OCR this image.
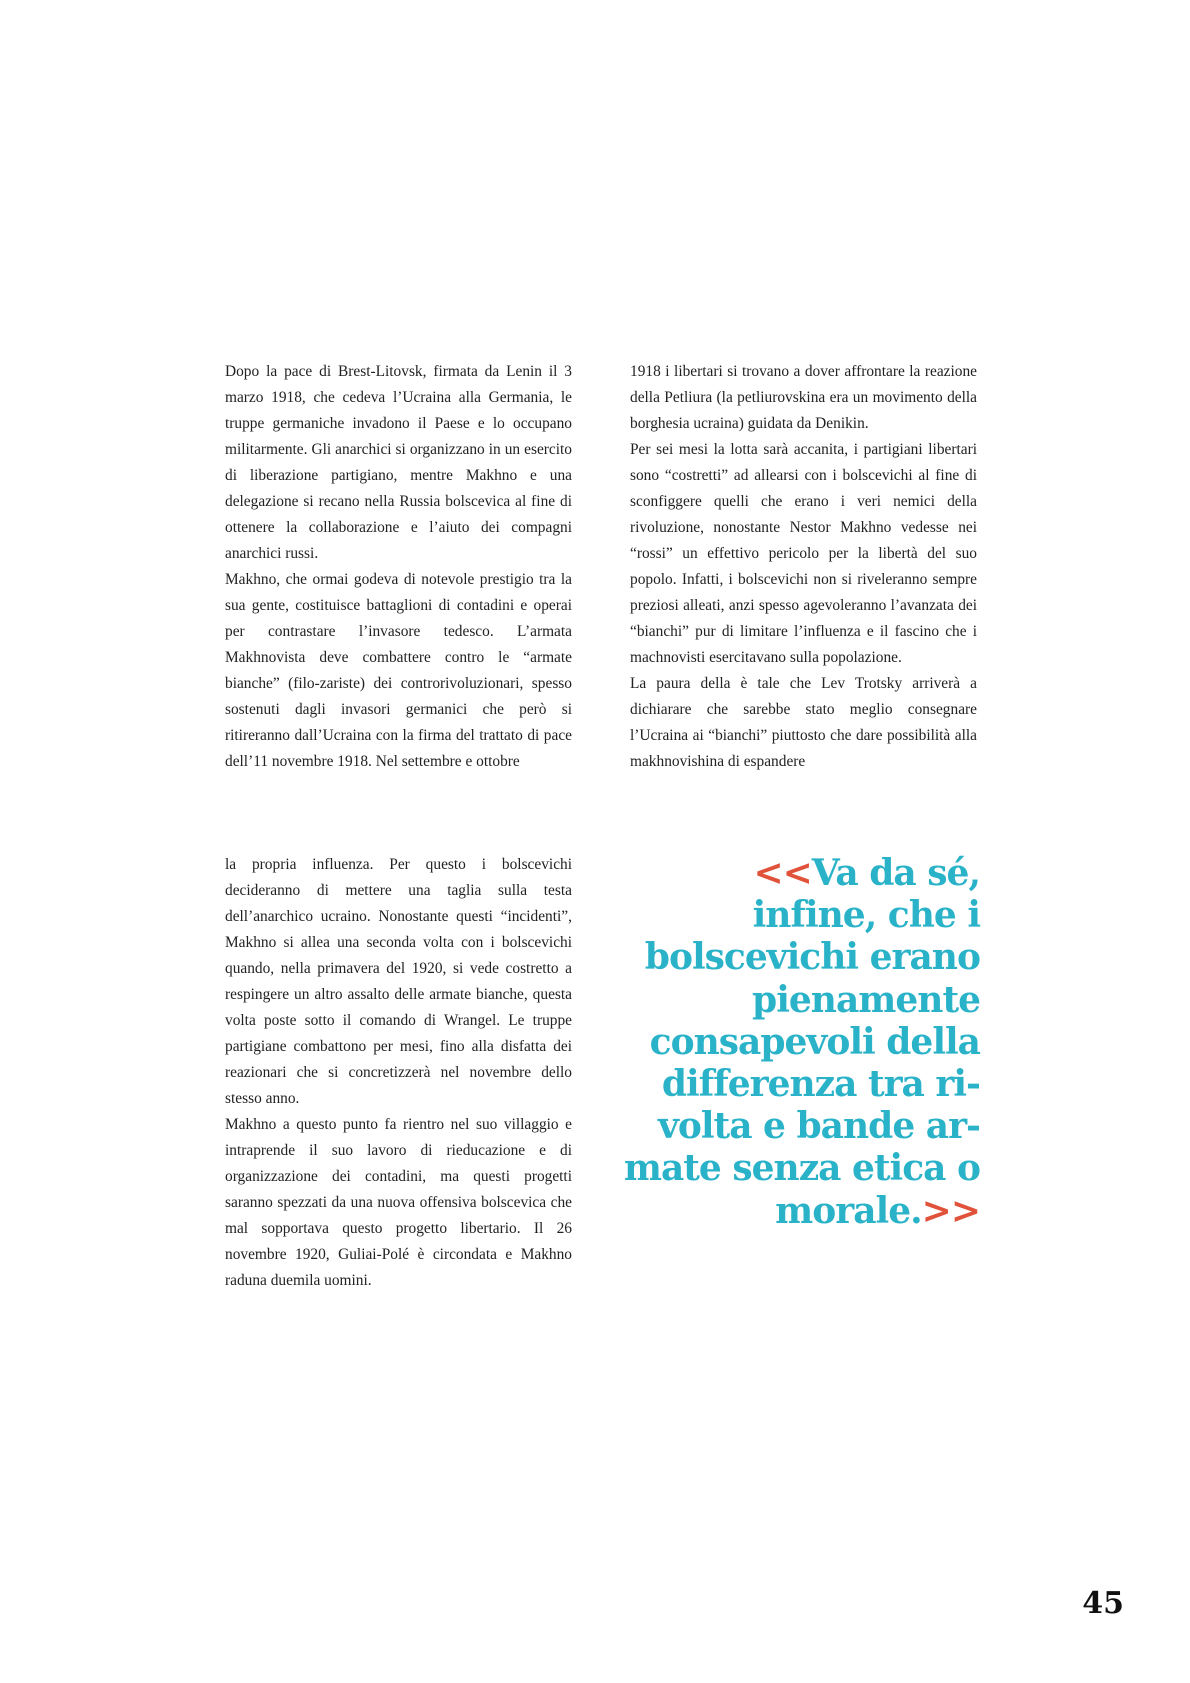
Dopo la pace di Brest-Litovsk, firmata da Lenin il 3 marzo 1918, che cedeva l’Ucraina alla Germania, le truppe germaniche invadono il Paese e lo occupano militarmente. Gli anarchici si organizzano in un esercito di liberazione partigiano, mentre Makhno e una delegazione si recano nella Russia bolscevica al fine di ottenere la collaborazione e l’aiuto dei compagni anarchici russi.

Makhno, che ormai godeva di notevole prestigio tra la sua gente, costituisce battaglioni di contadini e operai per contrastare l’invasore tedesco. L’armata Makhnovista deve combattere contro le “armate bianche” (filo-zariste) dei controrivoluzionari, spesso sostenuti dagli invasori germanici che però si ritireranno dall’Ucraina con la firma del trattato di pace dell’11 novembre 1918. Nel settembre e ottobre

1918 i libertari si trovano a dover affrontare la reazione della Petliura (la petliurovskina era un movimento della borghesia ucraina) guidata da Denikin.

Per sei mesi la lotta sarà accanita, i partigiani libertari sono “costretti” ad allearsi con i bolscevichi al fine di sconfiggere quelli che erano i veri nemici della rivoluzione, nonostante Nestor Makhno vedesse nei “rossi” un effettivo pericolo per la libertà del suo popolo. Infatti, i bolscevichi non si riveleranno sempre preziosi alleati, anzi spesso agevoleranno l’avanzata dei “bianchi” pur di limitare l’influenza e il fascino che i machnovisti esercitavano sulla popolazione.

La paura della è tale che Lev Trotsky arriverà a dichiarare che sarebbe stato meglio consegnare l’Ucraina ai “bianchi” piuttosto che dare possibilità alla makhnovishina di espandere

la propria influenza. Per questo i bolscevichi decideranno di mettere una taglia sulla testa dell’anarchico ucraino. Nonostante questi “incidenti”, Makhno si allea una seconda volta con i bolscevichi quando, nella primavera del 1920, si vede costretto a respingere un altro assalto delle armate bianche, questa volta poste sotto il comando di Wrangel. Le truppe partigiane combattono per mesi, fino alla disfatta dei reazionari che si concretizzerà nel novembre dello stesso anno.

Makhno a questo punto fa rientro nel suo villaggio e intraprende il suo lavoro di rieducazione e di organizzazione dei contadini, ma questi progetti saranno spezzati da una nuova offensiva bolscevica che mal sopportava questo progetto libertario. Il 26 novembre 1920, Guliai-Polé è circondata e Makhno raduna duemila uomini.

<<Va da sé, infine, che i bolscevichi erano pienamente consapevoli della differenza tra ri-volta e bande ar-mate senza etica o morale.>>
45
